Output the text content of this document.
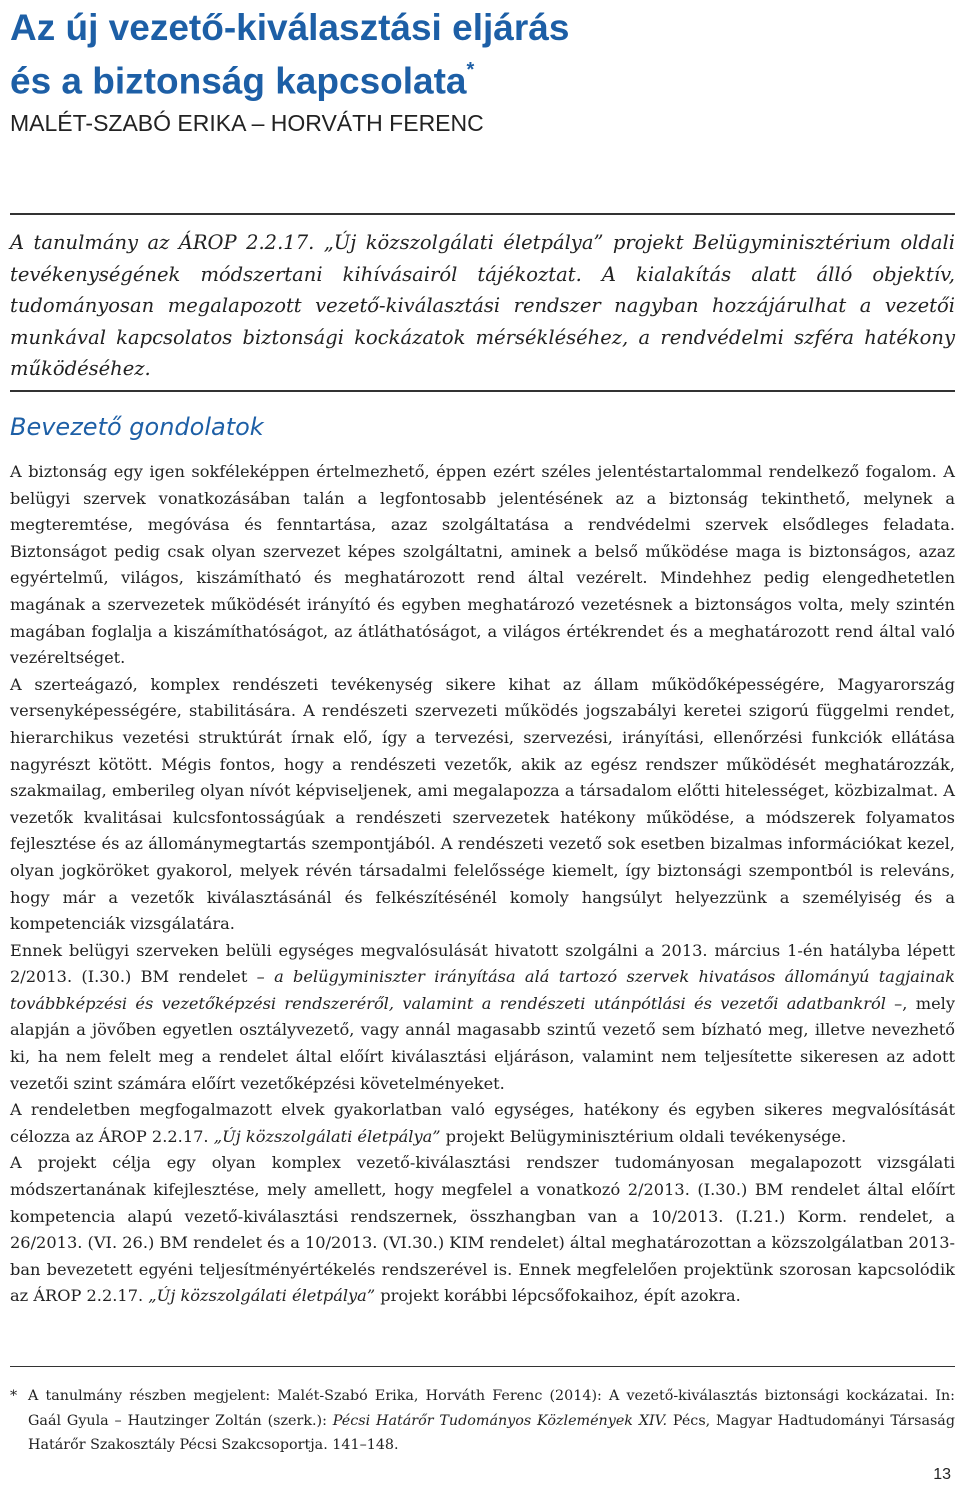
Az új vezető-kiválasztási eljárás
és a biztonság kapcsolata*
MALÉT-SZABÓ ERIKA – HORVÁTH FERENC

A tanulmány az ÁROP 2.2.17. „Új közszolgálati életpálya” projekt Belügyminisztérium oldali tevékenységének módszertani kihívásairól tájékoztat. A kialakítás alatt álló objektív, tudományosan megalapozott vezető-kiválasztási rendszer nagyban hozzájárulhat a vezetői munkával kapcsolatos biztonsági kockázatok mérsékléséhez, a rendvédelmi szféra hatékony működéséhez.

Bevezető gondolatok

A biztonság egy igen sokféleképpen értelmezhető, éppen ezért széles jelentéstartalommal rendelkező fogalom. A belügyi szervek vonatkozásában talán a legfontosabb jelentésének az a biztonság tekinthető, melynek a megteremtése, megóvása és fenntartása, azaz szolgáltatása a rendvédelmi szervek elsődleges feladata. Biztonságot pedig csak olyan szervezet képes szolgáltatni, aminek a belső működése maga is biztonságos, azaz egyértelmű, világos, kiszámítható és meghatározott rend által vezérelt. Mindehhez pedig elengedhetetlen magának a szervezetek működését irányító és egyben meghatározó vezetésnek a biztonságos volta, mely szintén magában foglalja a kiszámíthatóságot, az átláthatóságot, a világos értékrendet és a meghatározott rend által való vezéreltséget.

A szerteágazó, komplex rendészeti tevékenység sikere kihat az állam működőképességére, Magyarország versenyképességére, stabilitására. A rendészeti szervezeti működés jogszabályi keretei szigorú függelmi rendet, hierarchikus vezetési struktúrát írnak elő, így a tervezési, szervezési, irányítási, ellenőrzési funkciók ellátása nagyrészt kötött. Mégis fontos, hogy a rendészeti vezetők, akik az egész rendszer működését meghatározzák, szakmailag, emberileg olyan nívót képviseljenek, ami megalapozza a társadalom előtti hitelességet, közbizalmat. A vezetők kvalitásai kulcsfontosságúak a rendészeti szervezetek hatékony működése, a módszerek folyamatos fejlesztése és az állománymegtartás szempontjából. A rendészeti vezető sok esetben bizalmas információkat kezel, olyan jogköröket gyakorol, melyek révén társadalmi felelőssége kiemelt, így biztonsági szempontból is releváns, hogy már a vezetők kiválasztásánál és felkészítésénél komoly hangsúlyt helyezzünk a személyiség és a kompetenciák vizsgálatára.

Ennek belügyi szerveken belüli egységes megvalósulását hivatott szolgálni a 2013. március 1-én hatályba lépett 2/2013. (I.30.) BM rendelet – a belügyminiszter irányítása alá tartozó szervek hivatásos állományú tagjainak továbbképzési és vezetőképzési rendszeréről, valamint a rendészeti utánpótlási és vezetői adatbankról –, mely alapján a jövőben egyetlen osztályvezető, vagy annál magasabb szintű vezető sem bízható meg, illetve nevezhető ki, ha nem felelt meg a rendelet által előírt kiválasztási eljáráson, valamint nem teljesítette sikeresen az adott vezetői szint számára előírt vezetőképzési követelményeket.

A rendeletben megfogalmazott elvek gyakorlatban való egységes, hatékony és egyben sikeres megvalósítását célozza az ÁROP 2.2.17. „Új közszolgálati életpálya” projekt Belügyminisztérium oldali tevékenysége.

A projekt célja egy olyan komplex vezető-kiválasztási rendszer tudományosan megalapozott vizsgálati módszertanának kifejlesztése, mely amellett, hogy megfelel a vonatkozó 2/2013. (I.30.) BM rendelet által előírt kompetencia alapú vezető-kiválasztási rendszernek, összhangban van a 10/2013. (I.21.) Korm. rendelet, a 26/2013. (VI. 26.) BM rendelet és a 10/2013. (VI.30.) KIM rendelet) által meghatározottan a közszolgálatban 2013-ban bevezetett egyéni teljesítményértékelés rendszerével is. Ennek megfelelően projektünk szorosan kapcsolódik az ÁROP 2.2.17. „Új közszolgálati életpálya” projekt korábbi lépcsőfokaihoz, épít azokra.

* A tanulmány részben megjelent: Malét-Szabó Erika, Horváth Ferenc (2014): A vezető-kiválasztás biztonsági kockázatai. In: Gaál Gyula – Hautzinger Zoltán (szerk.): Pécsi Határőr Tudományos Közlemények XIV. Pécs, Magyar Hadtudományi Társaság Határőr Szakosztály Pécsi Szakcsoportja. 141–148.
13
